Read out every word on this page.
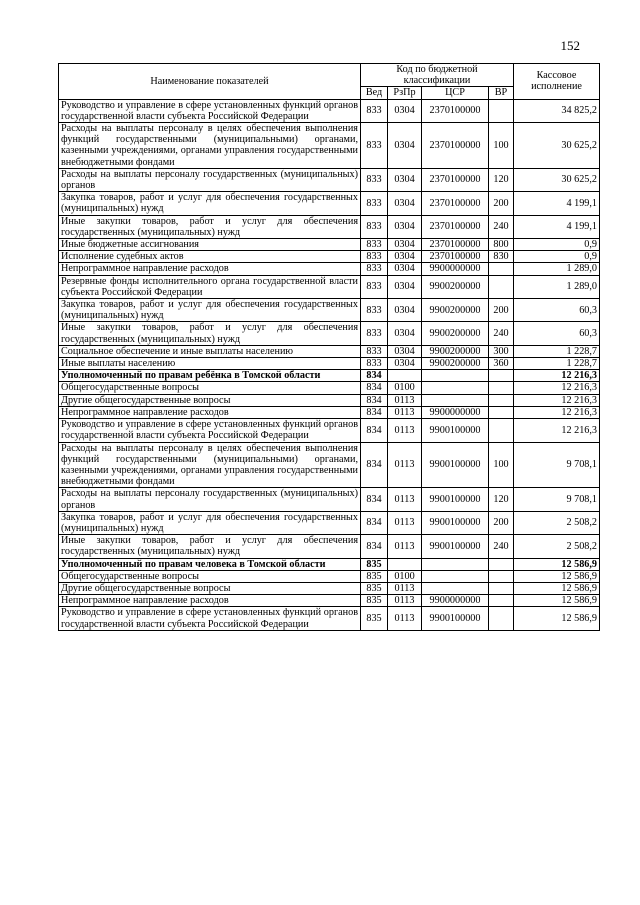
152
Наименование показателей	Код по бюджетной классификации				Кассовое исполнение
	Вед	РзПр	ЦСР	ВР	
Руководство и управление в сфере установленных функций органов государственной власти субъекта Российской Федерации	833	0304	2370100000		34 825,2
Расходы на выплаты персоналу в целях обеспечения выполнения функций государственными (муниципальными) органами, казенными учреждениями, органами управления государственными внебюджетными фондами	833	0304	2370100000	100	30 625,2
Расходы на выплаты персоналу государственных (муниципальных) органов	833	0304	2370100000	120	30 625,2
Закупка товаров, работ и услуг для обеспечения государственных (муниципальных) нужд	833	0304	2370100000	200	4 199,1
Иные закупки товаров, работ и услуг для обеспечения государственных (муниципальных) нужд	833	0304	2370100000	240	4 199,1
Иные бюджетные ассигнования	833	0304	2370100000	800	0,9
Исполнение судебных актов	833	0304	2370100000	830	0,9
Непрограммное направление расходов	833	0304	9900000000		1 289,0
Резервные фонды исполнительного органа государственной власти субъекта Российской Федерации	833	0304	9900200000		1 289,0
Закупка товаров, работ и услуг для обеспечения государственных (муниципальных) нужд	833	0304	9900200000	200	60,3
Иные закупки товаров, работ и услуг для обеспечения государственных (муниципальных) нужд	833	0304	9900200000	240	60,3
Социальное обеспечение и иные выплаты населению	833	0304	9900200000	300	1 228,7
Иные выплаты населению	833	0304	9900200000	360	1 228,7
Уполномоченный по правам ребёнка в Томской области	834				12 216,3
Общегосударственные вопросы	834	0100			12 216,3
Другие общегосударственные вопросы	834	0113			12 216,3
Непрограммное направление расходов	834	0113	9900000000		12 216,3
Руководство и управление в сфере установленных функций органов государственной власти субъекта Российской Федерации	834	0113	9900100000		12 216,3
Расходы на выплаты персоналу в целях обеспечения выполнения функций государственными (муниципальными) органами, казенными учреждениями, органами управления государственными внебюджетными фондами	834	0113	9900100000	100	9 708,1
Расходы на выплаты персоналу государственных (муниципальных) органов	834	0113	9900100000	120	9 708,1
Закупка товаров, работ и услуг для обеспечения государственных (муниципальных) нужд	834	0113	9900100000	200	2 508,2
Иные закупки товаров, работ и услуг для обеспечения государственных (муниципальных) нужд	834	0113	9900100000	240	2 508,2
Уполномоченный по правам человека в Томской области	835				12 586,9
Общегосударственные вопросы	835	0100			12 586,9
Другие общегосударственные вопросы	835	0113			12 586,9
Непрограммное направление расходов	835	0113	9900000000		12 586,9
Руководство и управление в сфере установленных функций органов государственной власти субъекта Российской Федерации	835	0113	9900100000		12 586,9
